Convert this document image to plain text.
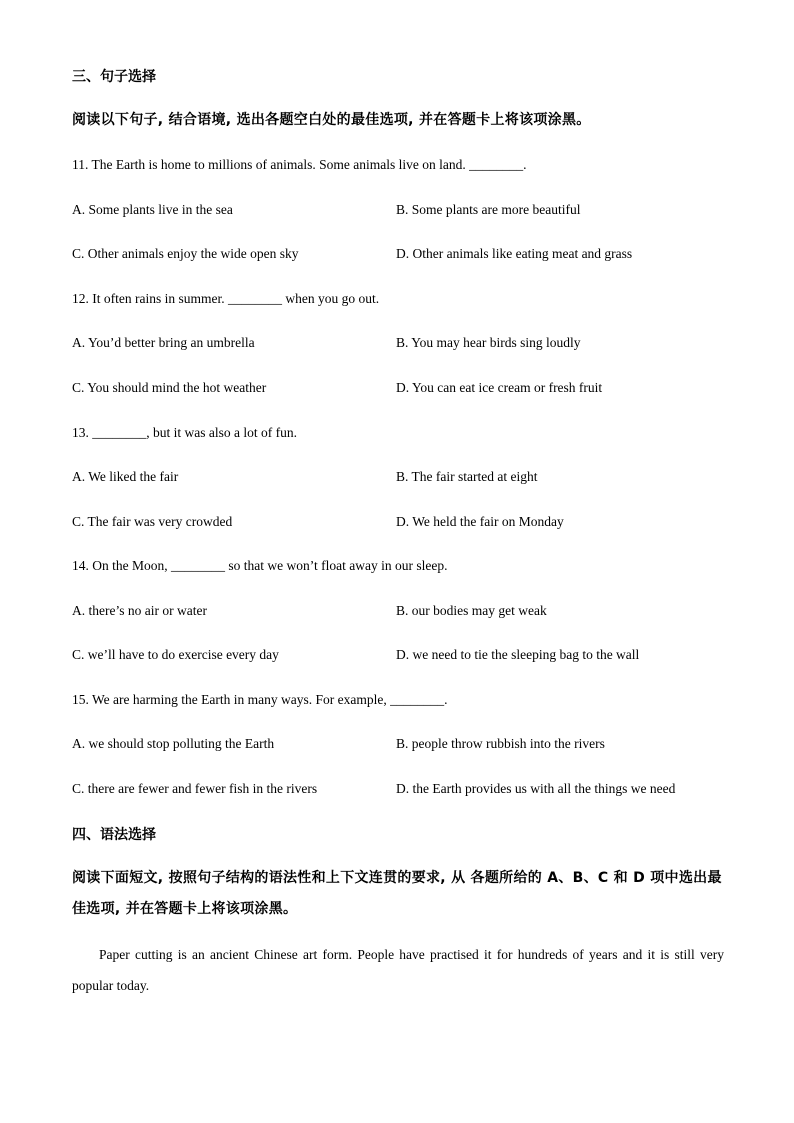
三、句子选择
阅读以下句子, 结合语境, 选出各题空白处的最佳选项, 并在答题卡上将该项涂黑。
11. The Earth is home to millions of animals. Some animals live on land. ________.
A. Some plants live in the sea	B. Some plants are more beautiful
C. Other animals enjoy the wide open sky	D. Other animals like eating meat and grass
12. It often rains in summer. ________ when you go out.
A. You’d better bring an umbrella	B. You may hear birds sing loudly
C. You should mind the hot weather	D. You can eat ice cream or fresh fruit
13. ________, but it was also a lot of fun.
A. We liked the fair	B. The fair started at eight
C. The fair was very crowded	D. We held the fair on Monday
14. On the Moon, ________ so that we won’t float away in our sleep.
A. there’s no air or water	B. our bodies may get weak
C. we’ll have to do exercise every day	D. we need to tie the sleeping bag to the wall
15. We are harming the Earth in many ways. For example, ________.
A. we should stop polluting the Earth	B. people throw rubbish into the rivers
C. there are fewer and fewer fish in the rivers	D. the Earth provides us with all the things we need
四、语法选择
阅读下面短文, 按照句子结构的语法性和上下文连贯的要求, 从 各题所给的 A、B、C 和 D 项中选出最佳选项, 并在答题卡上将该项涂黑。
Paper cutting is an ancient Chinese art form. People have practised it for hundreds of years and it is still very popular today.
